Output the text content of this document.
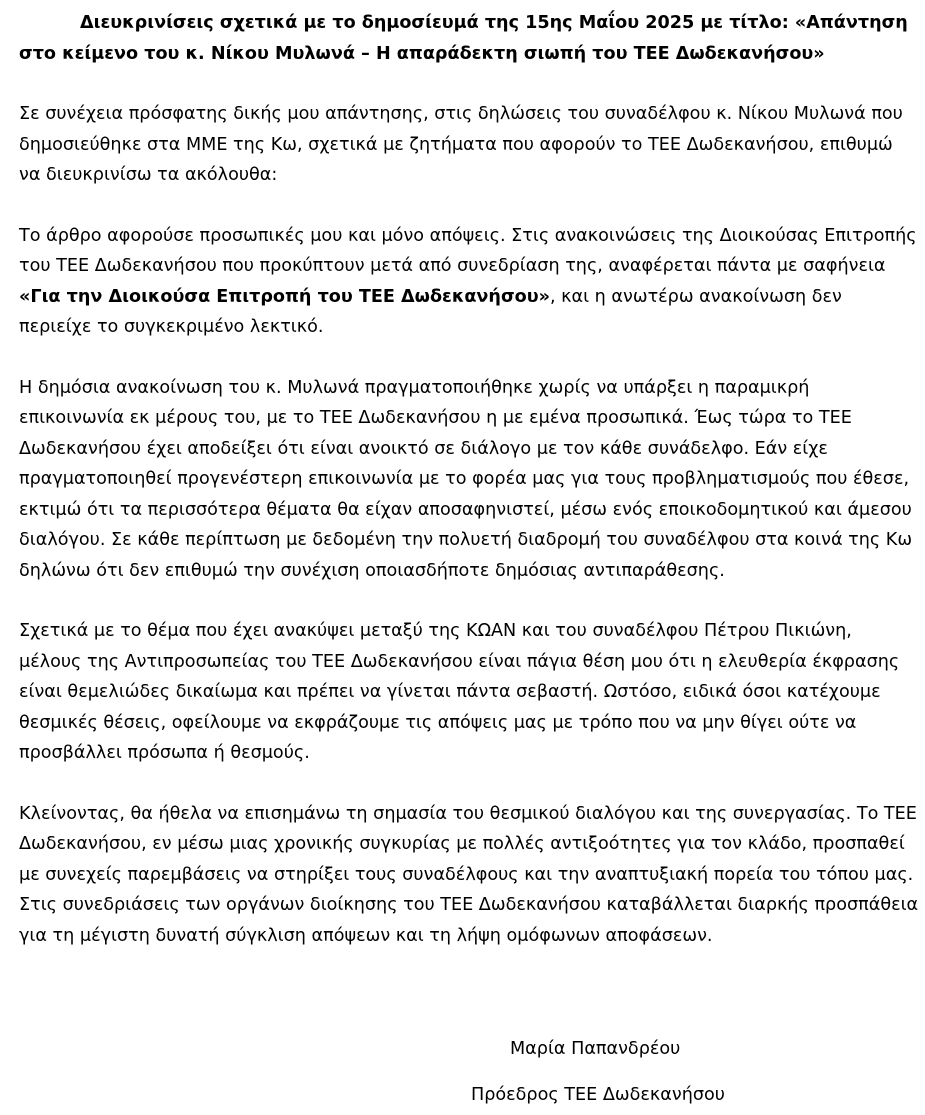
Διευκρινίσεις σχετικά με το δημοσίευμά της 15ης Μαΐου 2025 με τίτλο: «Απάντηση στο κείμενο του κ. Νίκου Μυλωνά – Η απαράδεκτη σιωπή του ΤΕΕ Δωδεκανήσου»

Σε συνέχεια πρόσφατης δικής μου απάντησης, στις δηλώσεις του συναδέλφου κ. Νίκου Μυλωνά που δημοσιεύθηκε στα ΜΜΕ της Κω, σχετικά με ζητήματα που αφορούν το ΤΕΕ Δωδεκανήσου, επιθυμώ να διευκρινίσω τα ακόλουθα:

Το άρθρο αφορούσε προσωπικές μου και μόνο απόψεις. Στις ανακοινώσεις της Διοικούσας Επιτροπής του ΤΕΕ Δωδεκανήσου που προκύπτουν μετά από συνεδρίαση της, αναφέρεται πάντα με σαφήνεια «Για την Διοικούσα Επιτροπή του ΤΕΕ Δωδεκανήσου», και η ανωτέρω ανακοίνωση δεν περιείχε το συγκεκριμένο λεκτικό.

Η δημόσια ανακοίνωση του κ. Μυλωνά πραγματοποιήθηκε χωρίς να υπάρξει η παραμικρή επικοινωνία εκ μέρους του, με το ΤΕΕ Δωδεκανήσου η με εμένα προσωπικά. Έως τώρα το ΤΕΕ Δωδεκανήσου έχει αποδείξει ότι είναι ανοικτό σε διάλογο με τον κάθε συνάδελφο. Εάν είχε πραγματοποιηθεί προγενέστερη επικοινωνία με το φορέα μας για τους προβληματισμούς που έθεσε, εκτιμώ ότι τα περισσότερα θέματα θα είχαν αποσαφηνιστεί, μέσω ενός εποικοδομητικού και άμεσου διαλόγου. Σε κάθε περίπτωση με δεδομένη την πολυετή διαδρομή του συναδέλφου στα κοινά της Κω δηλώνω ότι δεν επιθυμώ την συνέχιση οποιασδήποτε δημόσιας αντιπαράθεσης.

Σχετικά με το θέμα που έχει ανακύψει μεταξύ της ΚΩΑΝ και του συναδέλφου Πέτρου Πικιώνη, μέλους της Αντιπροσωπείας του ΤΕΕ Δωδεκανήσου είναι πάγια θέση μου ότι η ελευθερία έκφρασης είναι θεμελιώδες δικαίωμα και πρέπει να γίνεται πάντα σεβαστή. Ωστόσο, ειδικά όσοι κατέχουμε θεσμικές θέσεις, οφείλουμε να εκφράζουμε τις απόψεις μας με τρόπο που να μην θίγει ούτε να προσβάλλει πρόσωπα ή θεσμούς.

Κλείνοντας, θα ήθελα να επισημάνω τη σημασία του θεσμικού διαλόγου και της συνεργασίας. Το ΤΕΕ Δωδεκανήσου, εν μέσω μιας χρονικής συγκυρίας με πολλές αντιξοότητες για τον κλάδο, προσπαθεί με συνεχείς παρεμβάσεις να στηρίξει τους συναδέλφους και την αναπτυξιακή πορεία του τόπου μας. Στις συνεδριάσεις των οργάνων διοίκησης του ΤΕΕ Δωδεκανήσου καταβάλλεται διαρκής προσπάθεια για τη μέγιστη δυνατή σύγκλιση απόψεων και τη λήψη ομόφωνων αποφάσεων.

Μαρία Παπανδρέου

Πρόεδρος ΤΕΕ Δωδεκανήσου
